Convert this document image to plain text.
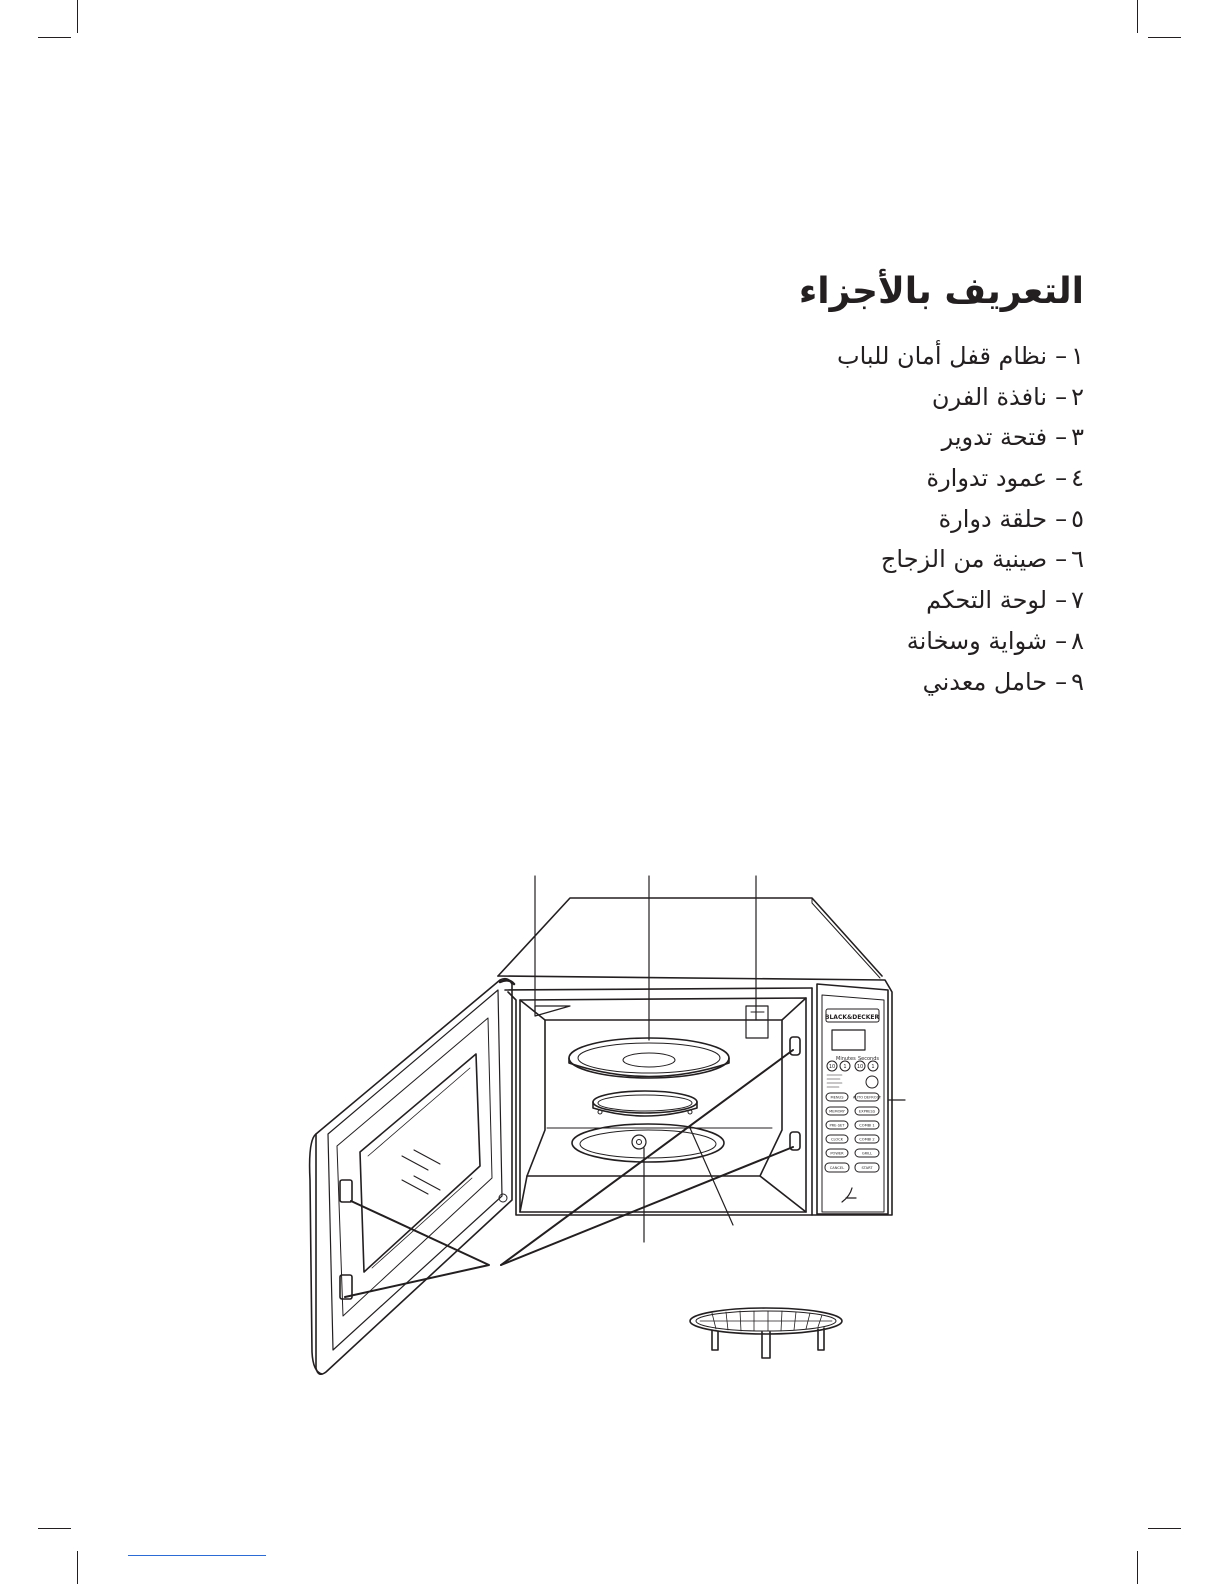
التعريف بالأجزاء
١–نظام قفل أمان للباب
٢–نافذة الفرن
٣–فتحة تدوير
٤–عمود تدوارة
٥–حلقة دوارة
٦–صينية من الزجاج
٧–لوحة التحكم
٨–شواية وسخانة
٩–حامل معدني
BLACK&DECKER
Minutes Seconds
10 1 10 1
MENUS	AUTO DEFROST
MEMORY	EXPRESS
PRE-SET	COMBI 1
CLOCK	COMBI 2
POWER	GRILL
CANCEL	START
